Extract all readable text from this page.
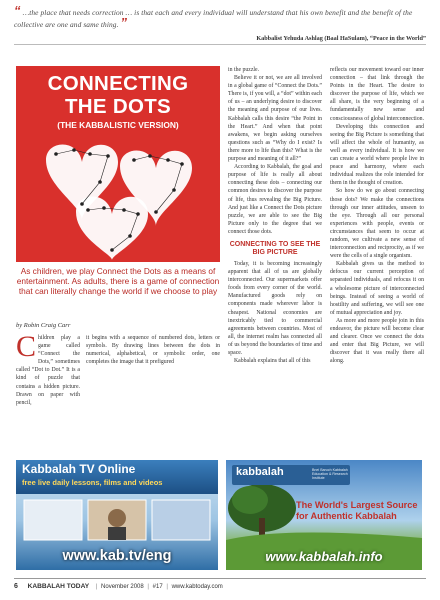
“ …the place that needs correction … is that each and every individual will understand that his own benefit and the benefit of the collective are one and same thing. ”
Kabbalist Yehuda Ashlag (Baal HaSulam), “Peace in the World”
CONNECTING
THE DOTS
(THE KABBALISTIC VERSION)
As children, we play Connect the Dots as a means of entertainment. As adults, there is a game of connection that can literally change the world if we choose to play
by Robin Craig Carr
C hildren play a game called “Connect the Dots,” sometimes called “Dot to Dot.” It is a kind of puzzle that contains a hidden picture. Drawn on paper with pencil,

it begins with a sequence of numbered dots, letters or symbols. By drawing lines between the dots in numerical, alphabetical, or symbolic order, one completes the image that it prefigured

in the puzzle.

Believe it or not, we are all involved in a global game of “Connect the Dots.” There is, if you will, a “dot” within each of us – an underlying desire to discover the meaning and purpose of our lives. Kabbalah calls this desire “the Point in the Heart.” And when that point awakens, we begin asking ourselves questions such as “Why do I exist? Is there more to life than this? What is the purpose and meaning of it all?”

According to Kabbalah, the goal and purpose of life is really all about connecting these dots – connecting our common desires to discover the purpose of life, thus revealing the Big Picture. And just like a Connect the Dots picture puzzle, we are able to see the Big Picture only to the degree that we connect those dots.

CONNECTING TO SEE THE BIG PICTURE

Today, it is becoming increasingly apparent that all of us are globally interconnected. Our supermarkets offer foods from every corner of the world. Manufactured goods rely on components made wherever labor is cheapest. National economies are inextricably tied to commercial agreements between countries. Most of all, the internet realm has connected all of us beyond the boundaries of time and space.

Kabbalah explains that all of this

reflects our movement toward our inner connection – that link through the Points in the Heart. The desire to discover the purpose of life, which we all share, is the very beginning of a fundamentally new sense and consciousness of global interconnection.

Developing this connection and seeing the Big Picture is something that will affect the whole of humanity, as well as every individual. It is how we can create a world where people live in peace and harmony, where each individual realizes the role intended for them in the thought of creation.

So how do we go about connecting those dots? We make the connections through our inner attitudes, unseen to the eye. Through all our personal experiences with people, events or circumstances that seem to occur at random, we cultivate a new sense of interconnection and reciprocity, as if we were the cells of a single organism.

Kabbalah gives us the method to defocus our current perception of separated individuals, and refocus it on a wholesome picture of interconnected beings. Instead of seeing a world of hostility and suffering, we will see one of mutual appreciation and joy.

As more and more people join in this endeavor, the picture will become clear and clearer. Once we connect the dots and enter that Big Picture, we will discover that it was really there all along.

Kabbalah TV Online
free live daily lessons, films and videos
www.kab.tv/eng
kabbalah	Bnei Baruch Kabbalah Education & Research Institute
The World's Largest Source for Authentic Kabbalah
www.kabbalah.info
6 KABBALAH TODAY | November 2008 | #17 | www.kabtoday.com
